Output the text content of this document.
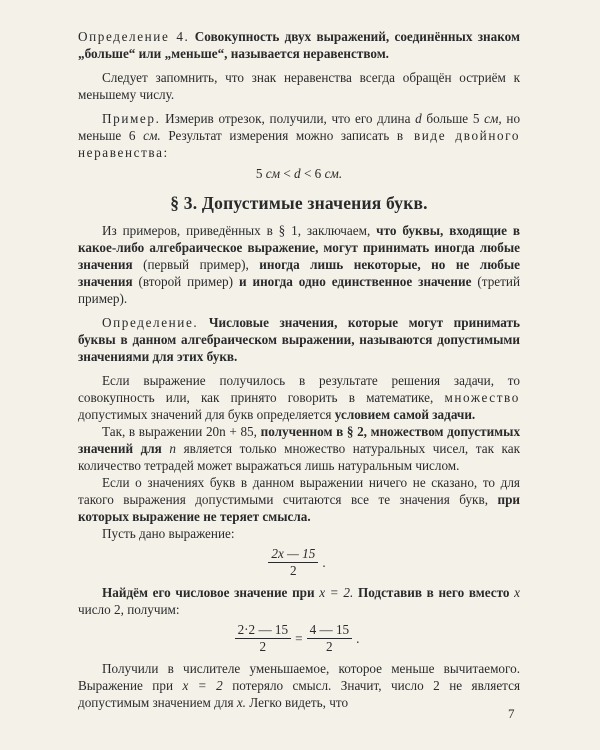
Определение 4. Совокупность двух выражений, соединённых знаком „больше“ или „меньше“, называется неравенством.

Следует запомнить, что знак неравенства всегда обращён остриём к меньшему числу.

Пример. Измерив отрезок, получили, что его длина d больше 5 см, но меньше 6 см. Результат измерения можно записать в виде двойного неравенства:

5 см < d < 6 см.

§ 3. Допустимые значения букв.

Из примеров, приведённых в § 1, заключаем, что буквы, входящие в какое-либо алгебраическое выражение, могут принимать иногда любые значения (первый пример), иногда лишь некоторые, но не любые значения (второй пример) и иногда одно единственное значение (третий пример).

Определение. Числовые значения, которые могут принимать буквы в данном алгебраическом выражении, называются допустимыми значениями для этих букв.

Если выражение получилось в результате решения задачи, то совокупность или, как принято говорить в математике, множество допустимых значений для букв определяется условием самой задачи.

Так, в выражении 20n + 85, полученном в § 2, множеством допустимых значений для n является только множество натуральных чисел, так как количество тетрадей может выражаться лишь натуральным числом.

Если о значениях букв в данном выражении ничего не сказано, то для такого выражения допустимыми считаются все те значения букв, при которых выражение не теряет смысла.

Пусть дано выражение:

$\frac{2x — 15}{2}$ .

Найдём его числовое значение при x = 2. Подставив в него вместо x число 2, получим:

$\frac{2\cdot 2 — 15}{2} = \frac{4 — 15}{2}$ .

Получили в числителе уменьшаемое, которое меньше вычитаемого. Выражение при x = 2 потеряло смысл. Значит, число 2 не является допустимым значением для x. Легко видеть, что

7
